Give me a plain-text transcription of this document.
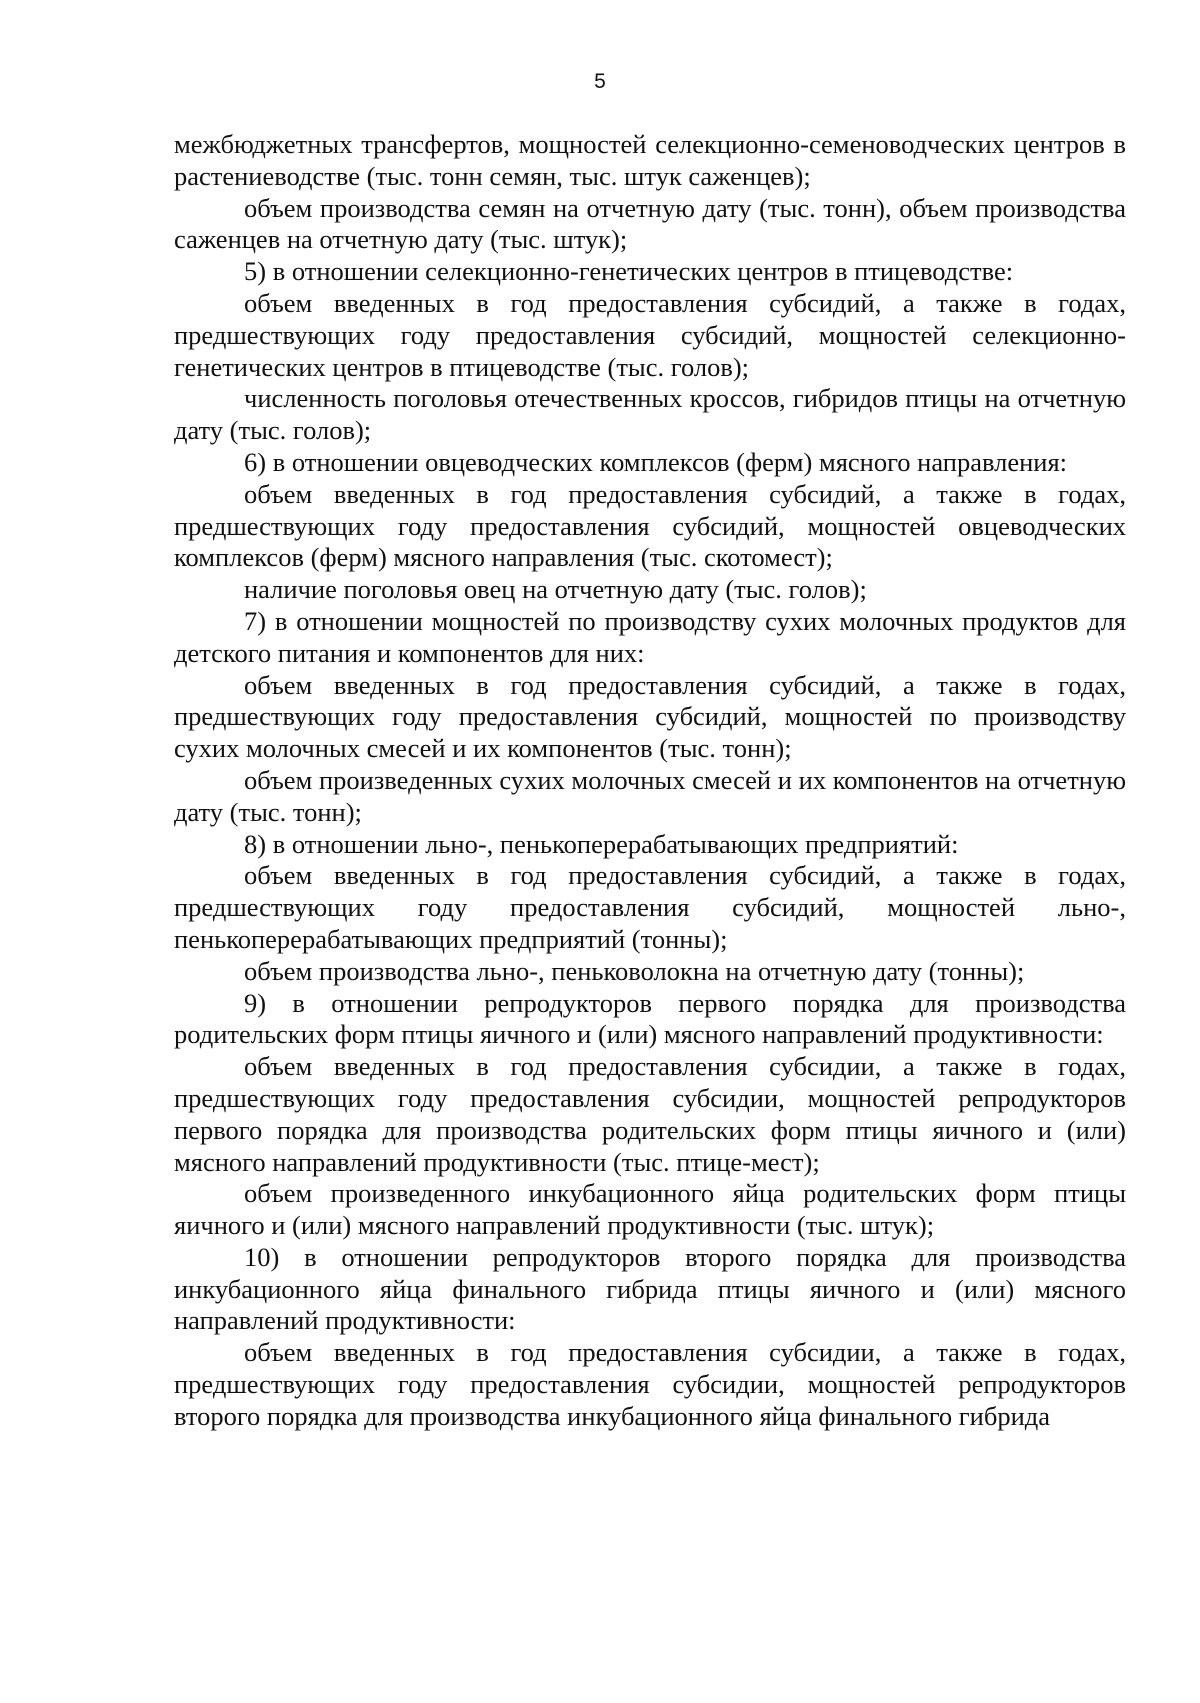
5

межбюджетных трансфертов, мощностей селекционно-семеноводческих центров в растениеводстве (тыс. тонн семян, тыс. штук саженцев);

объем производства семян на отчетную дату (тыс. тонн), объем производства саженцев на отчетную дату (тыс. штук);

5) в отношении селекционно-генетических центров в птицеводстве:

объем введенных в год предоставления субсидий, а также в годах, предшествующих году предоставления субсидий, мощностей селекционно-генетических центров в птицеводстве (тыс. голов);

численность поголовья отечественных кроссов, гибридов птицы на отчетную дату (тыс. голов);

6) в отношении овцеводческих комплексов (ферм) мясного направления:

объем введенных в год предоставления субсидий, а также в годах, предшествующих году предоставления субсидий, мощностей овцеводческих комплексов (ферм) мясного направления (тыс. скотомест);

наличие поголовья овец на отчетную дату (тыс. голов);

7) в отношении мощностей по производству сухих молочных продуктов для детского питания и компонентов для них:

объем введенных в год предоставления субсидий, а также в годах, предшествующих году предоставления субсидий, мощностей по производству сухих молочных смесей и их компонентов (тыс. тонн);

объем произведенных сухих молочных смесей и их компонентов на отчетную дату (тыс. тонн);

8) в отношении льно-, пенькоперерабатывающих предприятий:

объем введенных в год предоставления субсидий, а также в годах, предшествующих году предоставления субсидий, мощностей льно-, пенькоперерабатывающих предприятий (тонны);

объем производства льно-, пеньковолокна на отчетную дату (тонны);

9) в отношении репродукторов первого порядка для производства родительских форм птицы яичного и (или) мясного направлений продуктивности:

объем введенных в год предоставления субсидии, а также в годах, предшествующих году предоставления субсидии, мощностей репродукторов первого порядка для производства родительских форм птицы яичного и (или) мясного направлений продуктивности (тыс. птице-мест);

объем произведенного инкубационного яйца родительских форм птицы яичного и (или) мясного направлений продуктивности (тыс. штук);

10) в отношении репродукторов второго порядка для производства инкубационного яйца финального гибрида птицы яичного и (или) мясного направлений продуктивности:

объем введенных в год предоставления субсидии, а также в годах, предшествующих году предоставления субсидии, мощностей репродукторов второго порядка для производства инкубационного яйца финального гибрида
